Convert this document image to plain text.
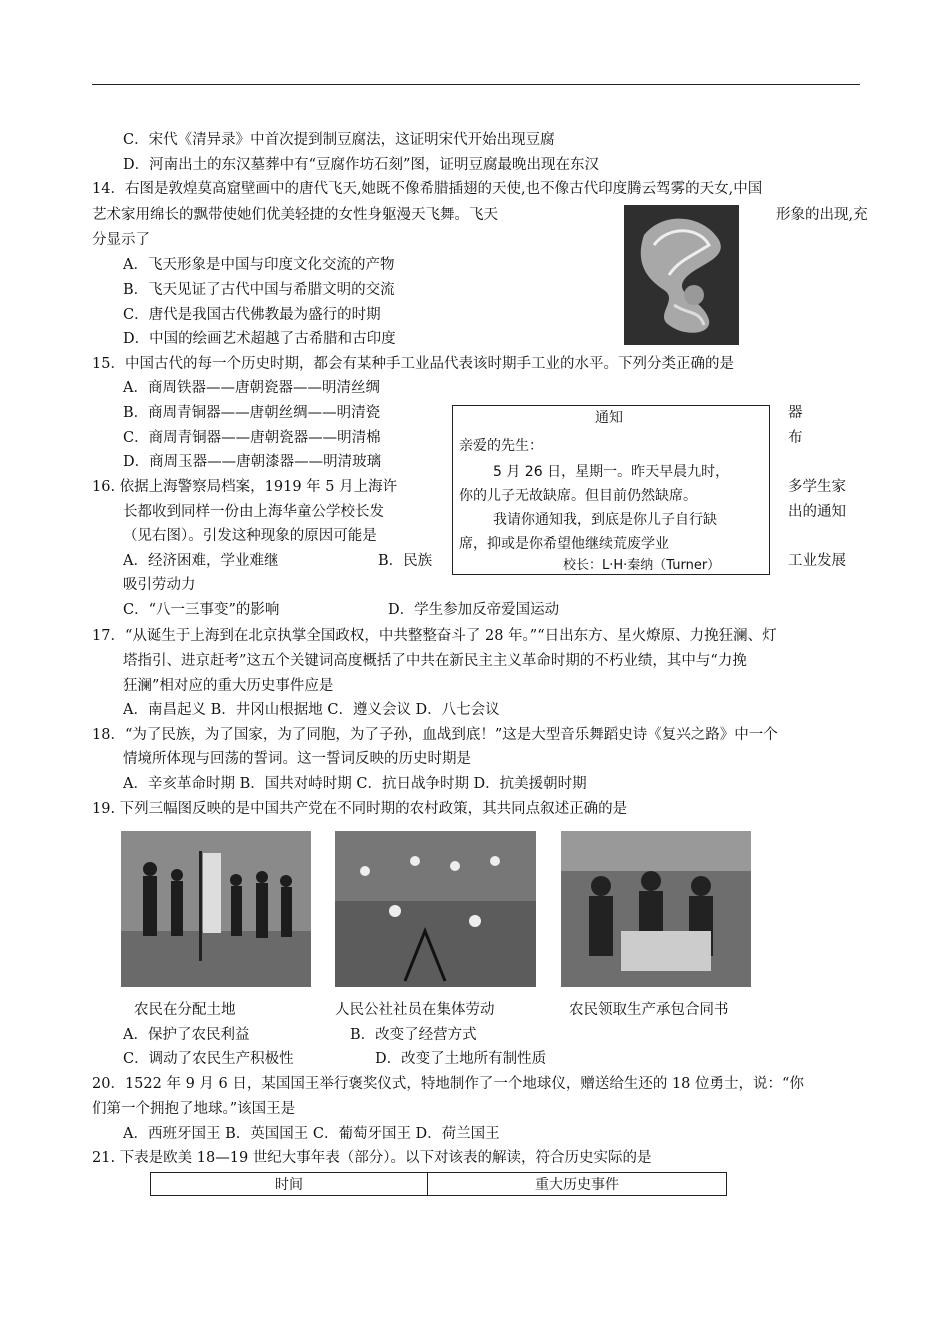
C．宋代《清异录》中首次提到制豆腐法，这证明宋代开始出现豆腐
D．河南出土的东汉墓葬中有“豆腐作坊石刻”图，证明豆腐最晚出现在东汉
14．右图是敦煌莫高窟壁画中的唐代飞天,她既不像希腊插翅的天使,也不像古代印度腾云驾雾的天女,中国
艺术家用绵长的飘带使她们优美轻捷的女性身躯漫天飞舞。飞天	形象的出现,充
分显示了
A．飞天形象是中国与印度文化交流的产物
B．飞天见证了古代中国与希腊文明的交流
C．唐代是我国古代佛教最为盛行的时期
D．中国的绘画艺术超越了古希腊和古印度
15．中国古代的每一个历史时期，都会有某种手工业品代表该时期手工业的水平。下列分类正确的是
A．商周铁器——唐朝瓷器——明清丝绸
B．商周青铜器——唐朝丝绸——明清瓷	器
C．商周青铜器——唐朝瓷器——明清棉	布
D．商周玉器——唐朝漆器——明清玻璃
通知
亲爱的先生：
5 月 26 日，星期一。昨天早晨九时，
你的儿子无故缺席。但目前仍然缺席。
我请你通知我，到底是你儿子自行缺
席，抑或是你希望他继续荒废学业
校长：L·H·秦纳（Turner）
16. 依据上海警察局档案，1919 年 5 月上海许	多学生家
长都收到同样一份由上海华童公学校长发	出的通知
（见右图）。引发这种现象的原因可能是
A．经济困难，学业难继	B．民族	工业发展
吸引劳动力
C．“八一三事变”的影响	D．学生参加反帝爱国运动
17．“从诞生于上海到在北京执掌全国政权，中共整整奋斗了 28 年。”“日出东方、星火燎原、力挽狂澜、灯
塔指引、进京赶考”这五个关键词高度概括了中共在新民主主义革命时期的不朽业绩，其中与“力挽
狂澜”相对应的重大历史事件应是
A．南昌起义 B．井冈山根据地 C．遵义会议 D．八七会议
18．“为了民族，为了国家，为了同胞，为了子孙，血战到底！”这是大型音乐舞蹈史诗《复兴之路》中一个
情境所体现与回荡的誓词。这一誓词反映的历史时期是
A．辛亥革命时期 B．国共对峙时期 C．抗日战争时期 D．抗美援朝时期
19. 下列三幅图反映的是中国共产党在不同时期的农村政策，其共同点叙述正确的是
农民在分配土地	人民公社社员在集体劳动	农民领取生产承包合同书
A．保护了农民利益	B．改变了经营方式
C．调动了农民生产积极性	D．改变了土地所有制性质
20．1522 年 9 月 6 日，某国国王举行褒奖仪式，特地制作了一个地球仪，赠送给生还的 18 位勇士，说：“你
们第一个拥抱了地球。”该国王是
A．西班牙国王 B．英国国王 C．葡萄牙国王 D．荷兰国王
21. 下表是欧美 18—19 世纪大事年表（部分）。以下对该表的解读，符合历史实际的是
时间	重大历史事件
